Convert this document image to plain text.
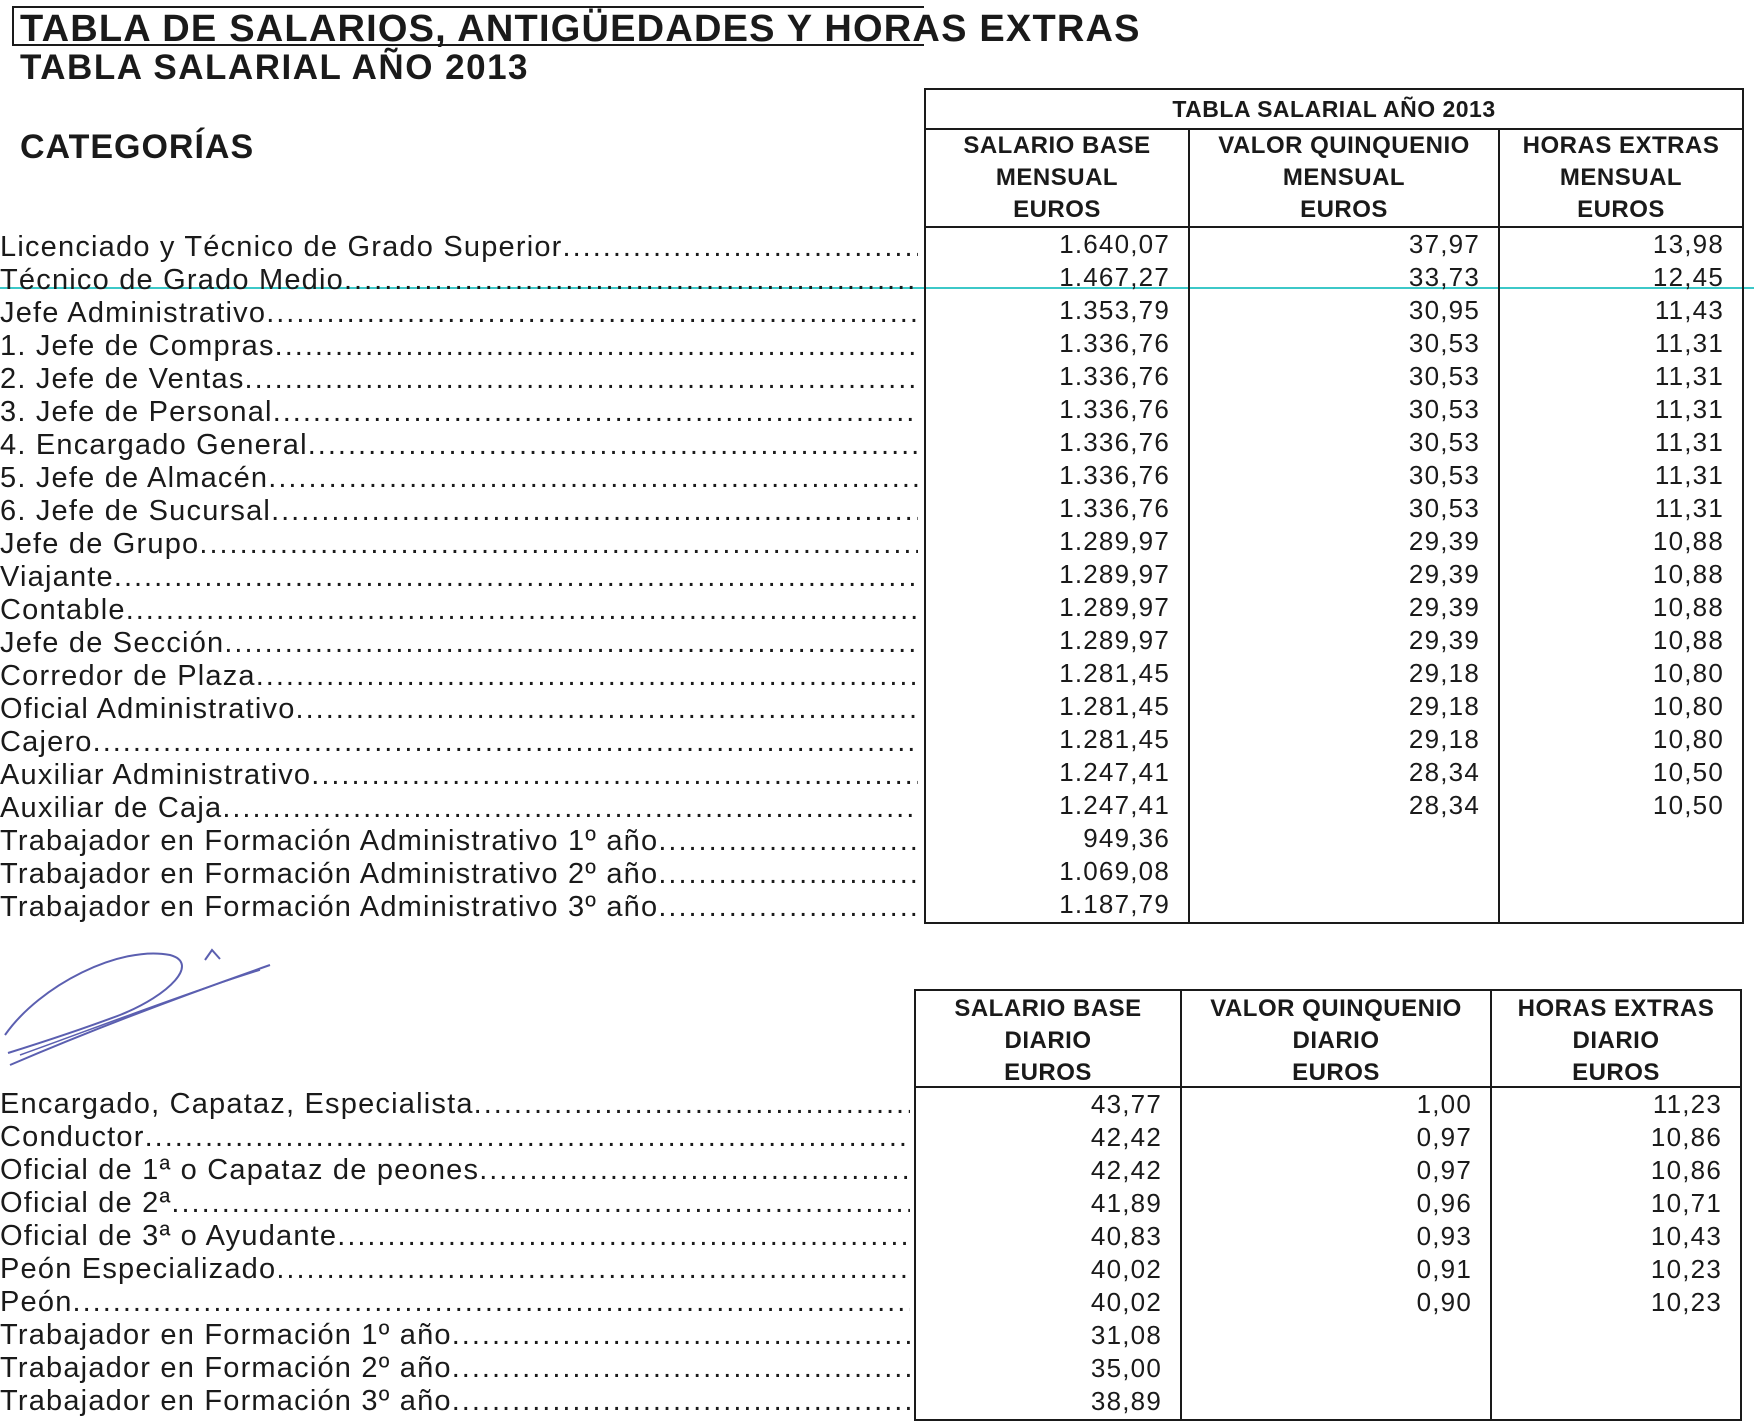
TABLA DE SALARIOS, ANTIGÜEDADES Y HORAS EXTRAS
TABLA SALARIAL AÑO 2013
CATEGORÍAS
Licenciado y Técnico de Grado Superior
.....
Técnico de Grado Medio
.....
Jefe Administrativo
.....
1. Jefe de Compras
.....
2. Jefe de Ventas
.....
3. Jefe de Personal
.....
4. Encargado General
.....
5. Jefe de Almacén
.....
6. Jefe de Sucursal
.....
Jefe de Grupo
.....
Viajante
.....
Contable
.....
Jefe de Sección
.....
Corredor de Plaza
.....
Oficial Administrativo
.....
Cajero
.....
Auxiliar Administrativo
.....
Auxiliar de Caja
.....
Trabajador en Formación Administrativo 1º año
.....
Trabajador en Formación Administrativo 2º año
.....
Trabajador en Formación Administrativo 3º año
.....
TABLA SALARIAL AÑO 2013
SALARIO BASE
MENSUAL
EUROS
1.640,07
1.467,27
1.353,79
1.336,76
1.336,76
1.336,76
1.336,76
1.336,76
1.336,76
1.289,97
1.289,97
1.289,97
1.289,97
1.281,45
1.281,45
1.281,45
1.247,41
1.247,41
949,36
1.069,08
1.187,79
VALOR QUINQUENIO
MENSUAL
EUROS
37,97
33,73
30,95
30,53
30,53
30,53
30,53
30,53
30,53
29,39
29,39
29,39
29,39
29,18
29,18
29,18
28,34
28,34
HORAS EXTRAS
MENSUAL
EUROS
13,98
12,45
11,43
11,31
11,31
11,31
11,31
11,31
11,31
10,88
10,88
10,88
10,88
10,80
10,80
10,80
10,50
10,50
Encargado, Capataz, Especialista
.....
Conductor
.....
Oficial de 1ª o Capataz de peones
.....
Oficial de 2ª
.....
Oficial de 3ª o Ayudante
.....
Peón Especializado
.....
Peón
.....
Trabajador en Formación 1º año
.....
Trabajador en Formación 2º año
.....
Trabajador en Formación 3º año
.....
SALARIO BASE
DIARIO
EUROS
43,77
42,42
42,42
41,89
40,83
40,02
40,02
31,08
35,00
38,89
VALOR QUINQUENIO
DIARIO
EUROS
1,00
0,97
0,97
0,96
0,93
0,91
0,90
HORAS EXTRAS
DIARIO
EUROS
11,23
10,86
10,86
10,71
10,43
10,23
10,23
